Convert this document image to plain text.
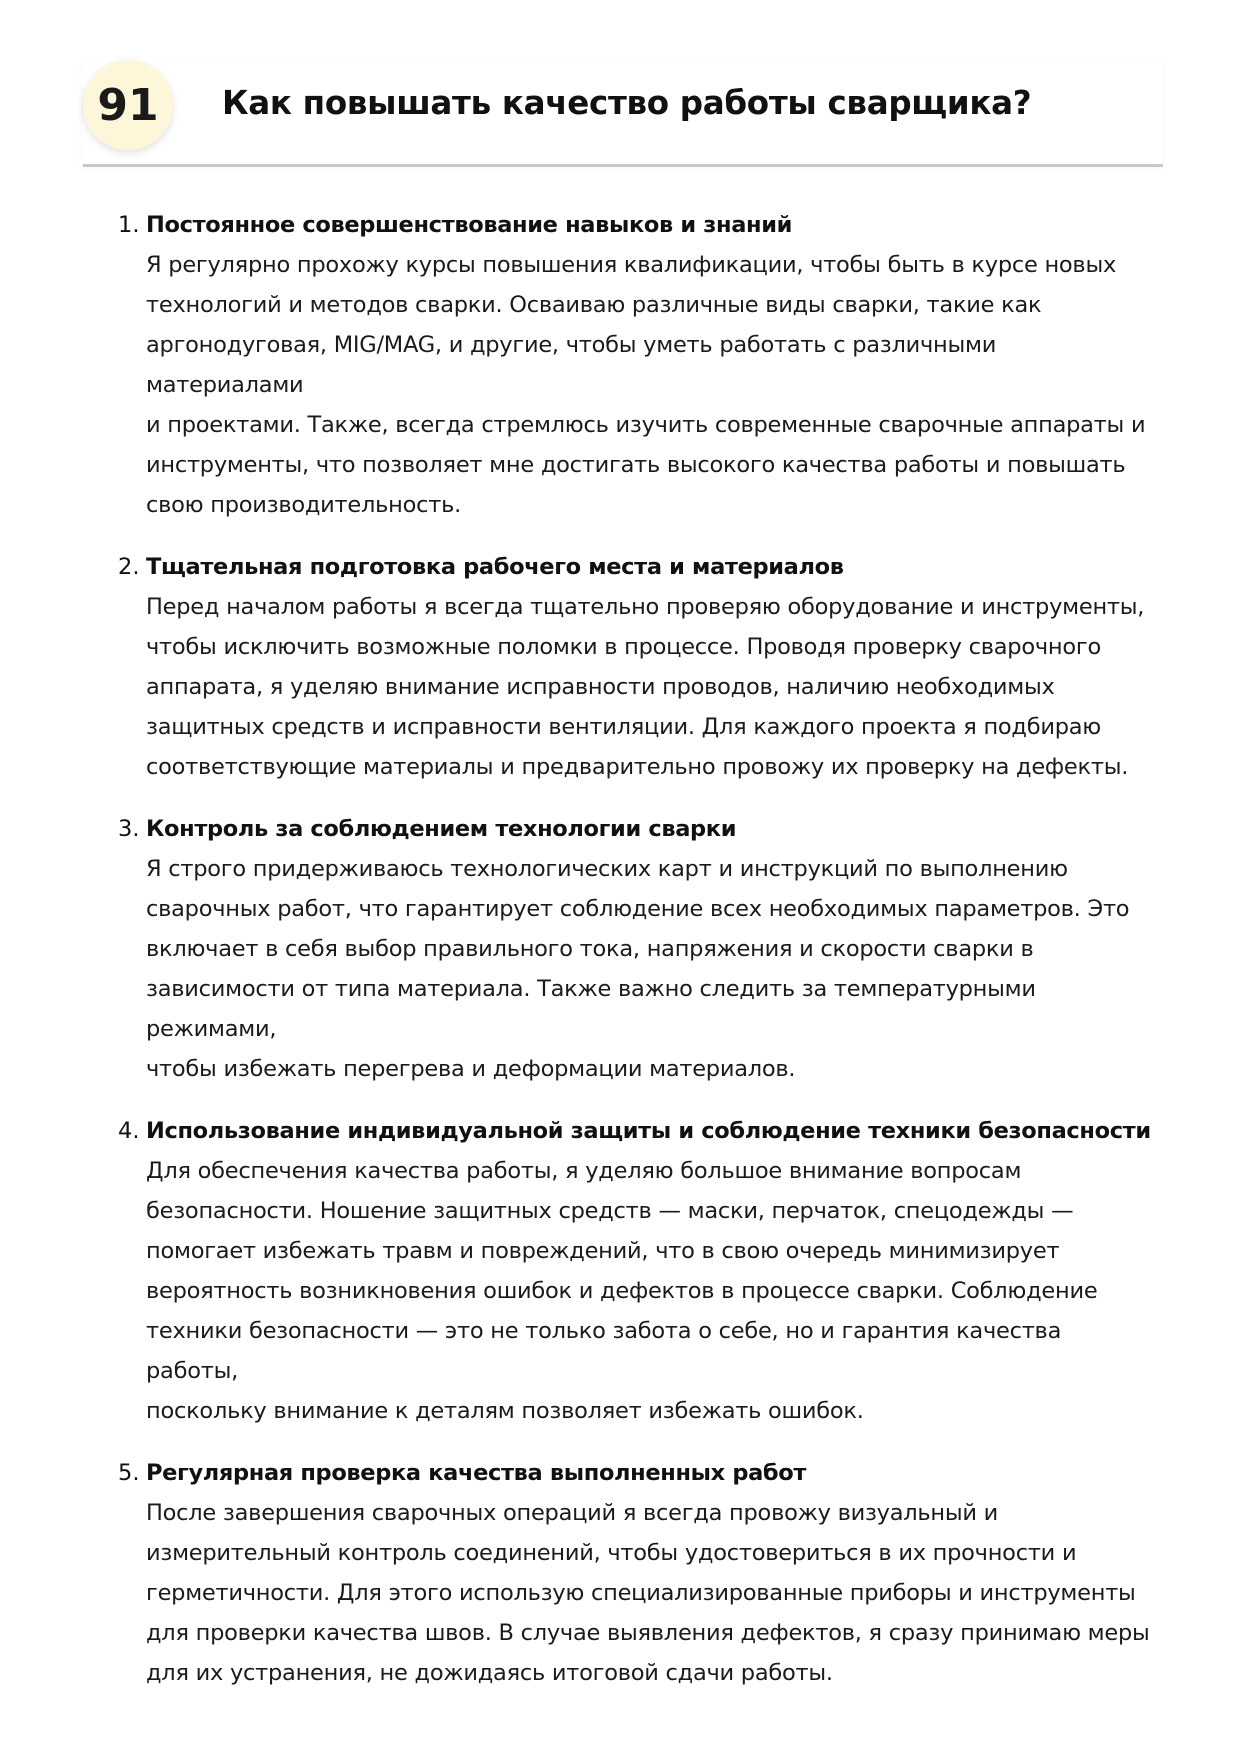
91	Как повышать качество работы сварщика?
1. Постоянное совершенствование навыков и знаний
Я регулярно прохожу курсы повышения квалификации, чтобы быть в курсе новых
технологий и методов сварки. Осваиваю различные виды сварки, такие как
аргонодуговая, MIG/MAG, и другие, чтобы уметь работать с различными материалами
и проектами. Также, всегда стремлюсь изучить современные сварочные аппараты и
инструменты, что позволяет мне достигать высокого качества работы и повышать
свою производительность.
2. Тщательная подготовка рабочего места и материалов
Перед началом работы я всегда тщательно проверяю оборудование и инструменты,
чтобы исключить возможные поломки в процессе. Проводя проверку сварочного
аппарата, я уделяю внимание исправности проводов, наличию необходимых
защитных средств и исправности вентиляции. Для каждого проекта я подбираю
соответствующие материалы и предварительно провожу их проверку на дефекты.
3. Контроль за соблюдением технологии сварки
Я строго придерживаюсь технологических карт и инструкций по выполнению
сварочных работ, что гарантирует соблюдение всех необходимых параметров. Это
включает в себя выбор правильного тока, напряжения и скорости сварки в
зависимости от типа материала. Также важно следить за температурными режимами,
чтобы избежать перегрева и деформации материалов.
4. Использование индивидуальной защиты и соблюдение техники безопасности
Для обеспечения качества работы, я уделяю большое внимание вопросам
безопасности. Ношение защитных средств — маски, перчаток, спецодежды —
помогает избежать травм и повреждений, что в свою очередь минимизирует
вероятность возникновения ошибок и дефектов в процессе сварки. Соблюдение
техники безопасности — это не только забота о себе, но и гарантия качества работы,
поскольку внимание к деталям позволяет избежать ошибок.
5. Регулярная проверка качества выполненных работ
После завершения сварочных операций я всегда провожу визуальный и
измерительный контроль соединений, чтобы удостовериться в их прочности и
герметичности. Для этого использую специализированные приборы и инструменты
для проверки качества швов. В случае выявления дефектов, я сразу принимаю меры
для их устранения, не дожидаясь итоговой сдачи работы.
